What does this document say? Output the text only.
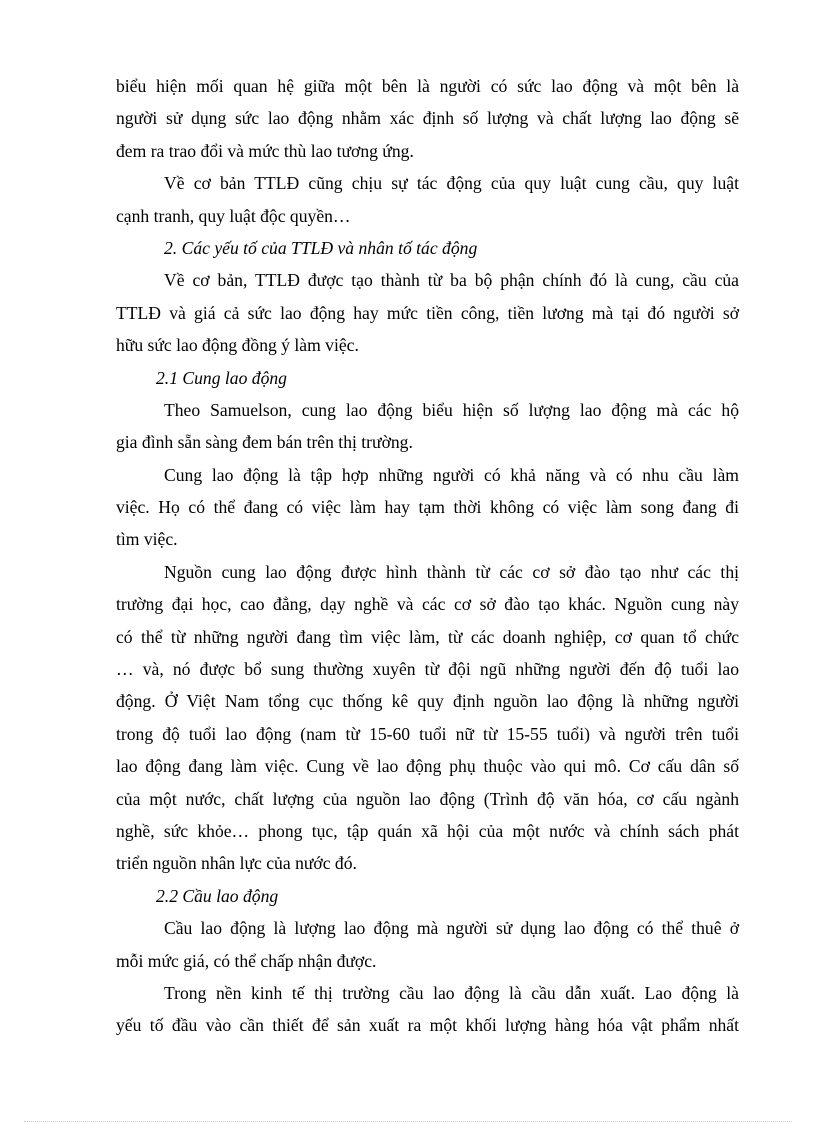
biểu hiện mối quan hệ giữa một bên là người có sức lao động và một bên là
người sử dụng sức lao động nhằm xác định số lượng và chất lượng lao động sẽ
đem ra trao đổi và mức thù lao tương ứng.
Về cơ bản TTLĐ cũng chịu sự tác động của quy luật cung cầu, quy luật
cạnh tranh, quy luật độc quyền…
2. Các yếu tố của TTLĐ và nhân tố tác động
Về cơ bản, TTLĐ được tạo thành từ ba bộ phận chính đó là cung, cầu của
TTLĐ và giá cả sức lao động hay mức tiền công, tiền lương mà tại đó người sở
hữu sức lao động đồng ý làm việc.
2.1 Cung lao động
Theo Samuelson, cung lao động biểu hiện số lượng lao động mà các hộ
gia đình sẵn sàng đem bán trên thị trường.
Cung lao động là tập hợp những người có khả năng và có nhu cầu làm
việc. Họ có thể đang có việc làm hay tạm thời không có việc làm song đang đi
tìm việc.
Nguồn cung lao động được hình thành từ các cơ sở đào tạo như các thị
trường đại học, cao đẳng, dạy nghề và các cơ sở đào tạo khác. Nguồn cung này
có thể từ những người đang tìm việc làm, từ các doanh nghiệp, cơ quan tổ chức
… và, nó được bổ sung thường xuyên từ đội ngũ những người đến độ tuổi lao
động. Ở Việt Nam tổng cục thống kê quy định nguồn lao động là những người
trong độ tuổi lao động (nam từ 15-60 tuổi nữ từ 15-55 tuổi) và người trên tuổi
lao động đang làm việc. Cung về lao động phụ thuộc vào qui mô. Cơ cấu dân số
của một nước, chất lượng của nguồn lao động (Trình độ văn hóa, cơ cấu ngành
nghề, sức khỏe… phong tục, tập quán xã hội của một nước và chính sách phát
triển nguồn nhân lực của nước đó.
2.2 Cầu lao động
Cầu lao động là lượng lao động mà người sử dụng lao động có thể thuê ở
mỗi mức giá, có thể chấp nhận được.
Trong nền kinh tế thị trường cầu lao động là cầu dẫn xuất. Lao động là
yếu tố đầu vào cần thiết để sản xuất ra một khối lượng hàng hóa vật phẩm nhất
